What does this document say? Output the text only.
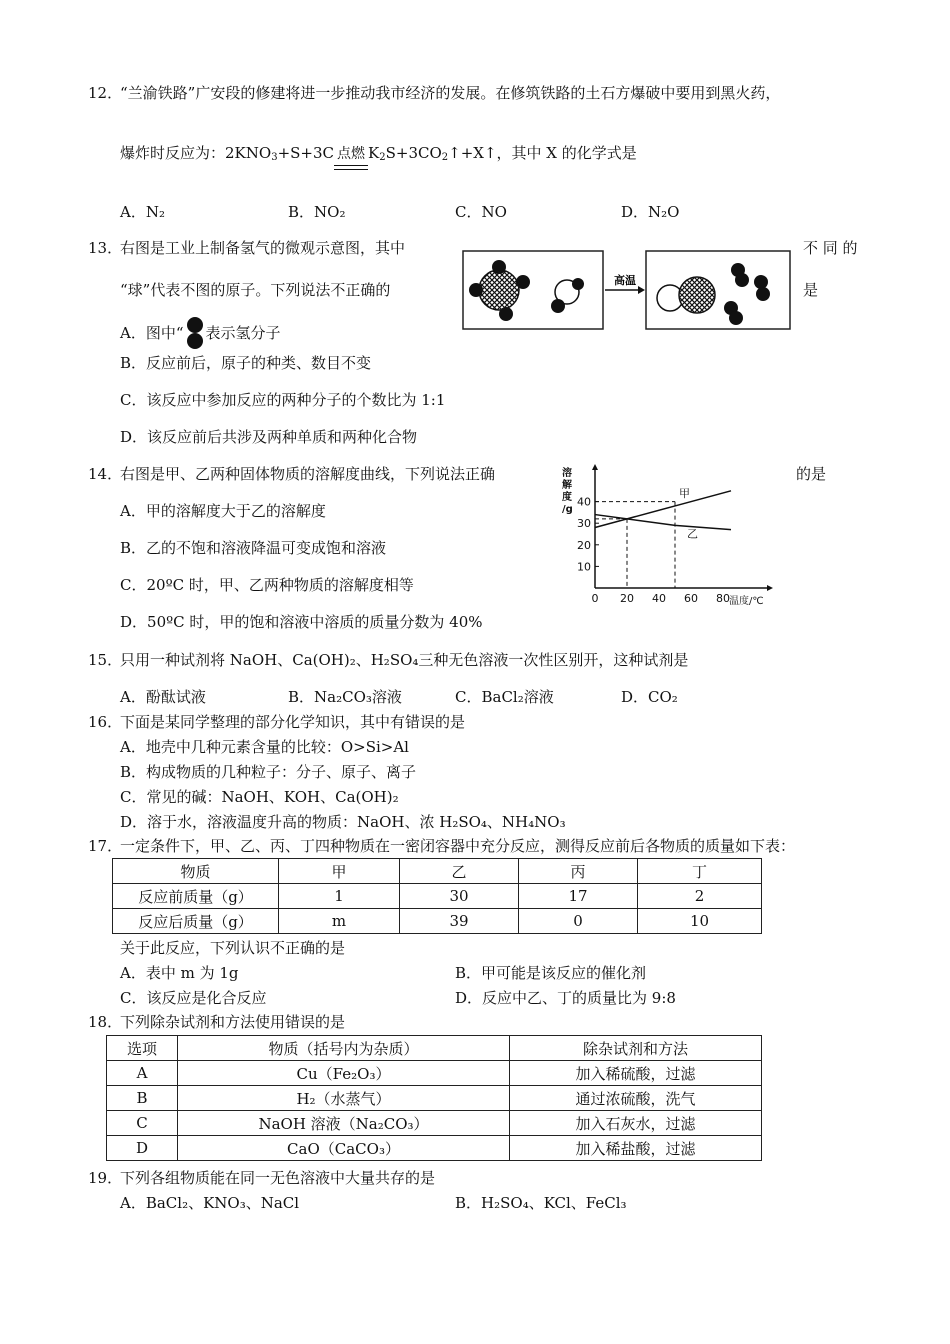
12．
“兰渝铁路”广安段的修建将进一步推动我市经济的发展。在修筑铁路的土石方爆破中要用到黑火药，
爆炸时反应为：$2KNO_3+S+3C$ 点燃 $K_2S+3CO_2↑+X↑$，其中 X 的化学式是
A．N₂	B．NO₂	C．NO	D．N₂O
13．
右图是工业上制备氢气的微观示意图，其中	不 同 的
“球”代表不图的原子。下列说法不正确的	是
高温
A．图中“ 表示氢分子
B．反应前后，原子的种类、数目不变
C．该反应中参加反应的两种分子的个数比为 1:1
D．该反应前后共涉及两种单质和两种化合物
14．
右图是甲、乙两种固体物质的溶解度曲线，下列说法正确	的是
A．甲的溶解度大于乙的溶解度
B．乙的不饱和溶液降温可变成饱和溶液
C．20ºC 时，甲、乙两种物质的溶解度相等
D．50ºC 时，甲的饱和溶液中溶质的质量分数为 40%
0 20 40 60 80
10
20
30
40
甲
乙
温度/℃
溶
解
度
/g
15．
只用一种试剂将 NaOH、Ca(OH)₂、H₂SO₄三种无色溶液一次性区别开，这种试剂是
A．酚酞试液	B．Na₂CO₃溶液	C．BaCl₂溶液	D．CO₂
16．
下面是某同学整理的部分化学知识，其中有错误的是
A．地壳中几种元素含量的比较：O>Si>Al
B．构成物质的几种粒子：分子、原子、离子
C．常见的碱：NaOH、KOH、Ca(OH)₂
D．溶于水，溶液温度升高的物质：NaOH、浓 H₂SO₄、NH₄NO₃
17．
一定条件下，甲、乙、丙、丁四种物质在一密闭容器中充分反应，测得反应前后各物质的质量如下表：
物质	甲	乙	丙	丁
反应前质量（g）	1	30	17	2
反应后质量（g）	m	39	0	10
关于此反应，下列认识不正确的是
A．表中 m 为 1g	B．甲可能是该反应的催化剂
C．该反应是化合反应	D．反应中乙、丁的质量比为 9:8
18．
下列除杂试剂和方法使用错误的是
选项	物质（括号内为杂质）	除杂试剂和方法
A	Cu（Fe₂O₃）	加入稀硫酸，过滤
B	H₂（水蒸气）	通过浓硫酸，洗气
C	NaOH 溶液（Na₂CO₃）	加入石灰水，过滤
D	CaO（CaCO₃）	加入稀盐酸，过滤
19．
下列各组物质能在同一无色溶液中大量共存的是
A．BaCl₂、KNO₃、NaCl	B．H₂SO₄、KCl、FeCl₃
